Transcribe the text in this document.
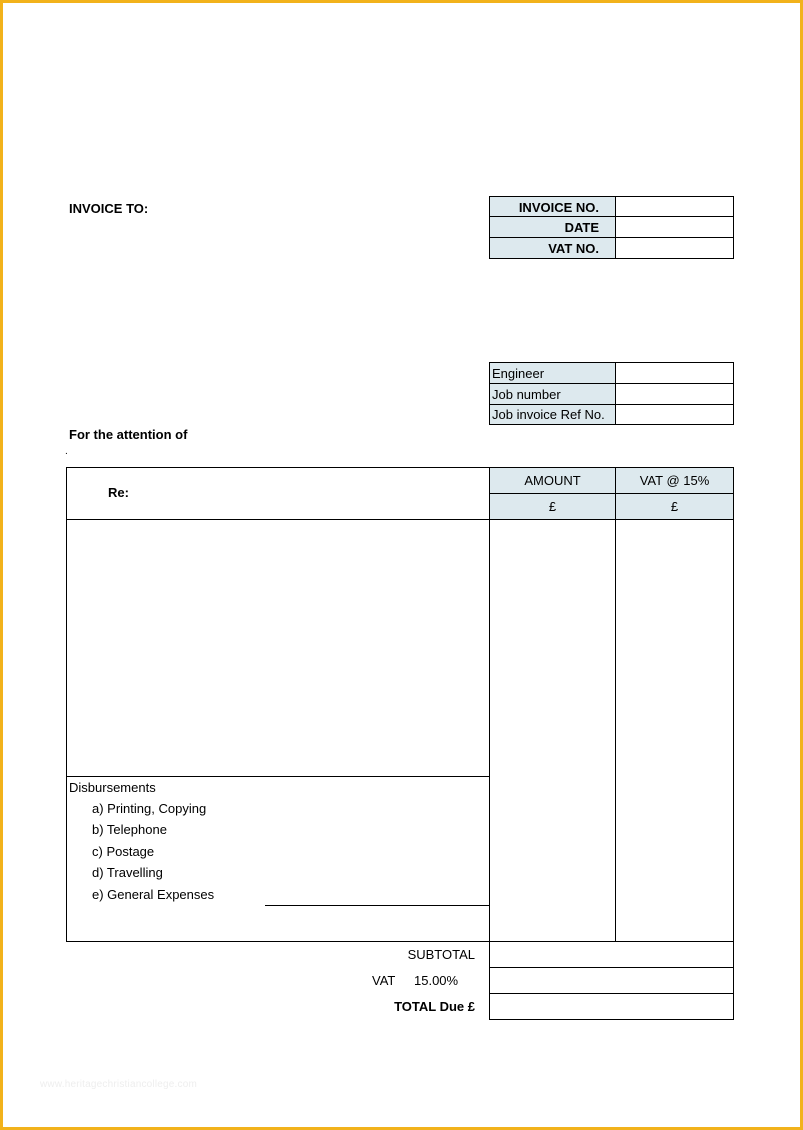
INVOICE TO:
For the attention of
.
INVOICE NO.
DATE
VAT NO.
Engineer
Job number
Job invoice Ref No.
AMOUNT	VAT @ 15%
£	£
Re:
Disbursements
a) Printing, Copying
b) Telephone
c) Postage
d) Travelling
e) General Expenses
SUBTOTAL
VAT 15.00%
TOTAL Due £
www.heritagechristiancollege.com
